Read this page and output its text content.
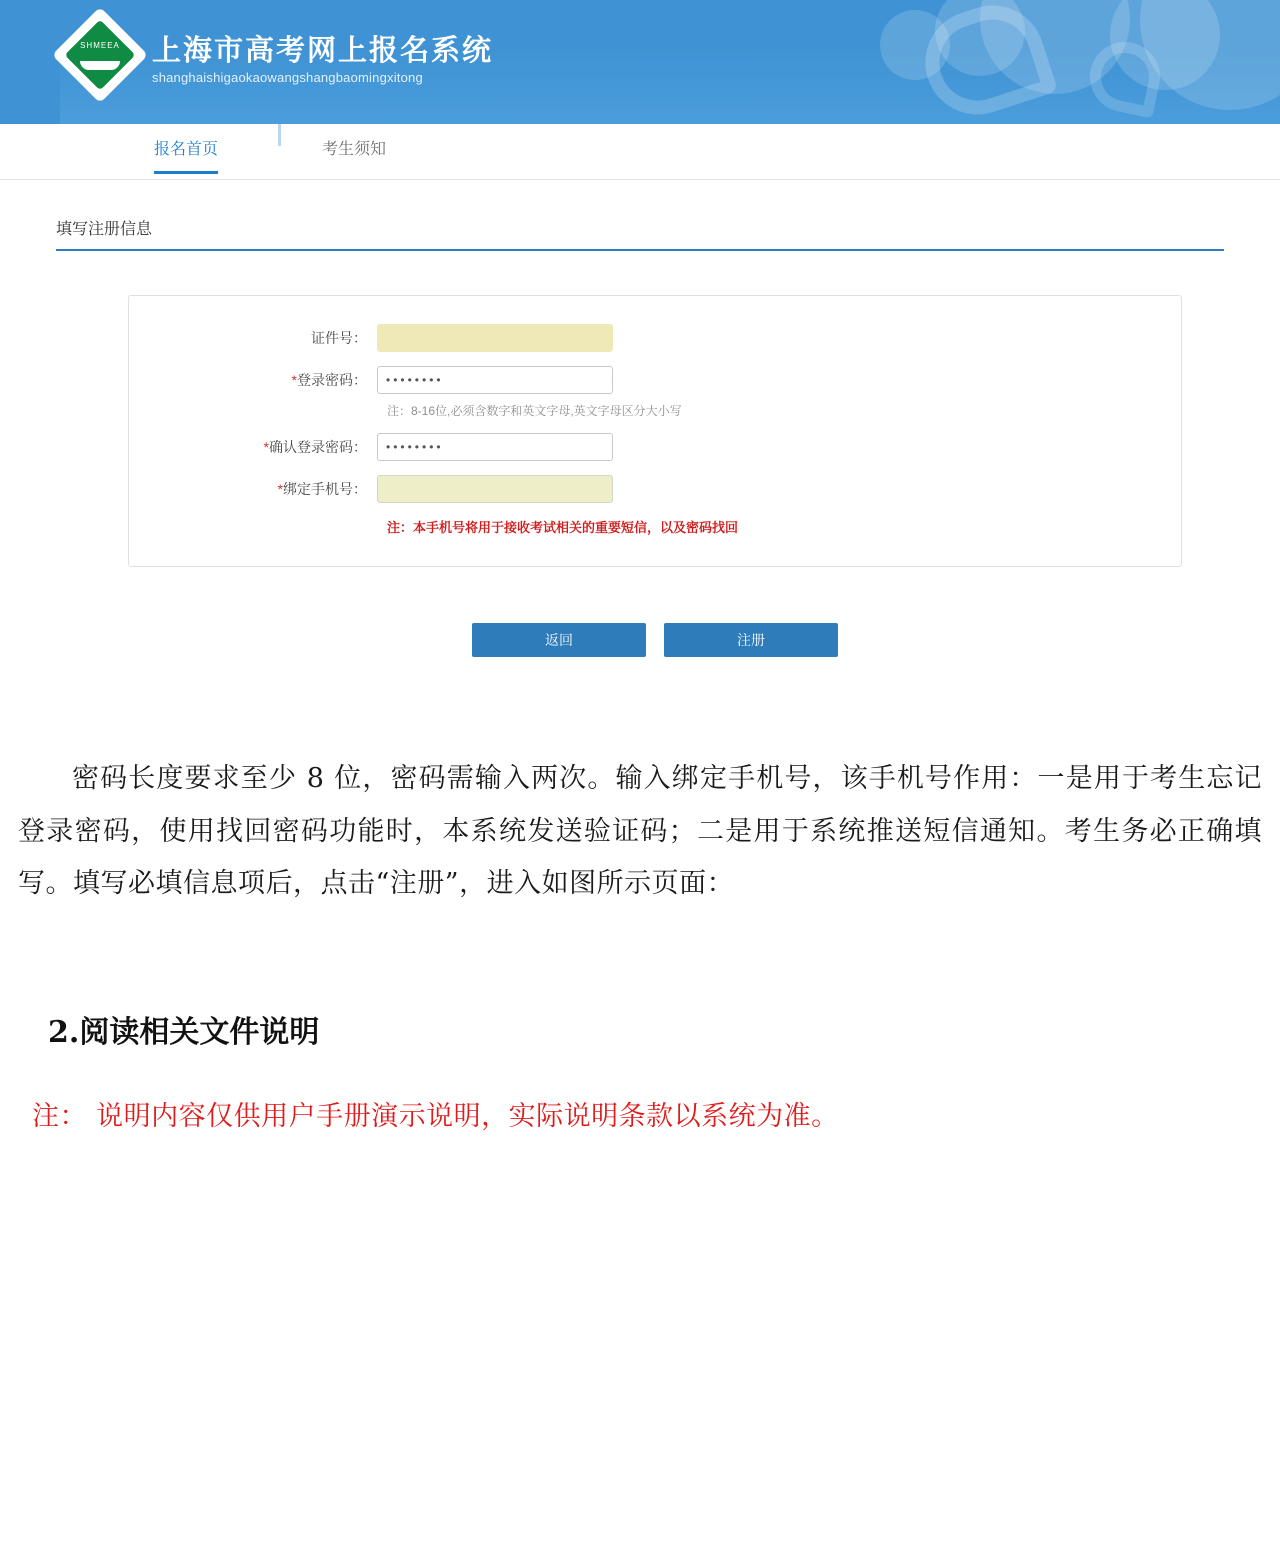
SHMEEA	上海市高考网上报名系统
shanghaishigaokaowangshangbaomingxitong
报名首页	考生须知
填写注册信息
证件号：
*登录密码：	••••••••
注：8-16位,必须含数字和英文字母,英文字母区分大小写
*确认登录密码：	••••••••
*绑定手机号：
注：本手机号将用于接收考试相关的重要短信，以及密码找回
返回	注册
密码长度要求至少 8 位，密码需输入两次。输入绑定手机号，该手机号作用：一是用于考生忘记登录密码，使用找回密码功能时，本系统发送验证码；二是用于系统推送短信通知。考生务必正确填写。填写必填信息项后，点击“注册”，进入如图所示页面：
2.阅读相关文件说明
注： 说明内容仅供用户手册演示说明，实际说明条款以系统为准。
